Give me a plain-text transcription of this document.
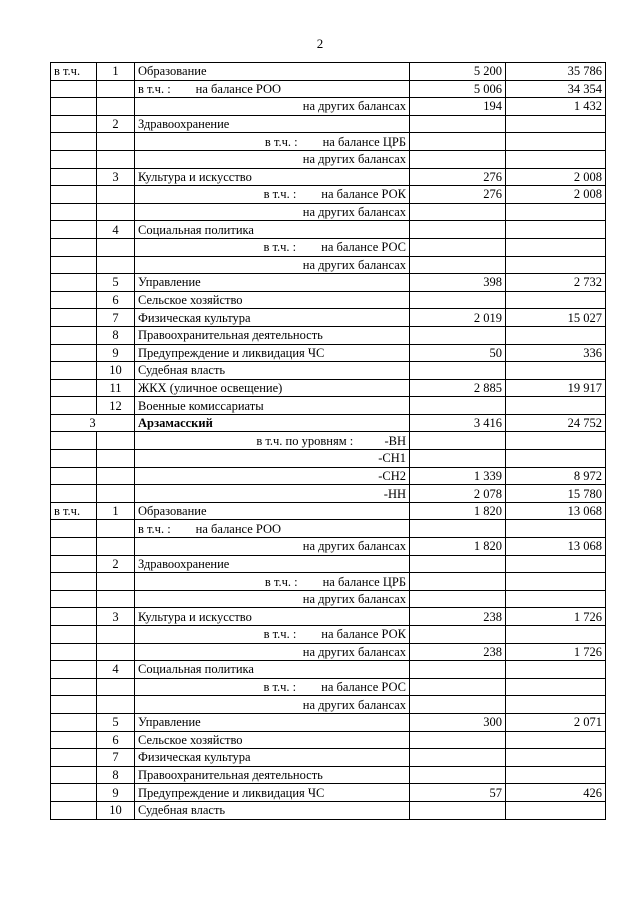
2
в т.ч.	1	Образование	5 200	35 786
		в т.ч. :        на балансе РОО	5 006	34 354
		на других балансах	194	1 432
	2	Здравоохранение		
		в т.ч. :        на балансе ЦРБ		
		на других балансах		
	3	Культура и искусство	276	2 008
		в т.ч. :        на балансе РОК	276	2 008
		на других балансах		
	4	Социальная политика		
		в т.ч. :        на балансе РОС		
		на других балансах		
	5	Управление	398	2 732
	6	Сельское хозяйство		
	7	Физическая культура	2 019	15 027
	8	Правоохранительная деятельность		
	9	Предупреждение и ликвидация ЧС	50	336
	10	Судебная власть		
	11	ЖКХ (уличное освещение)	2 885	19 917
	12	Военные комиссариаты		
3		Арзамасский	3 416	24 752
		в т.ч. по уровням :          -ВН		
		-СН1		
		-СН2	1 339	8 972
		-НН	2 078	15 780
в т.ч.	1	Образование	1 820	13 068
		в т.ч. :        на балансе РОО		
		на других балансах	1 820	13 068
	2	Здравоохранение		
		в т.ч. :        на балансе ЦРБ		
		на других балансах		
	3	Культура и искусство	238	1 726
		в т.ч. :        на балансе РОК		
		на других балансах	238	1 726
	4	Социальная политика		
		в т.ч. :        на балансе РОС		
		на других балансах		
	5	Управление	300	2 071
	6	Сельское хозяйство		
	7	Физическая культура		
	8	Правоохранительная деятельность		
	9	Предупреждение и ликвидация ЧС	57	426
	10	Судебная власть		
